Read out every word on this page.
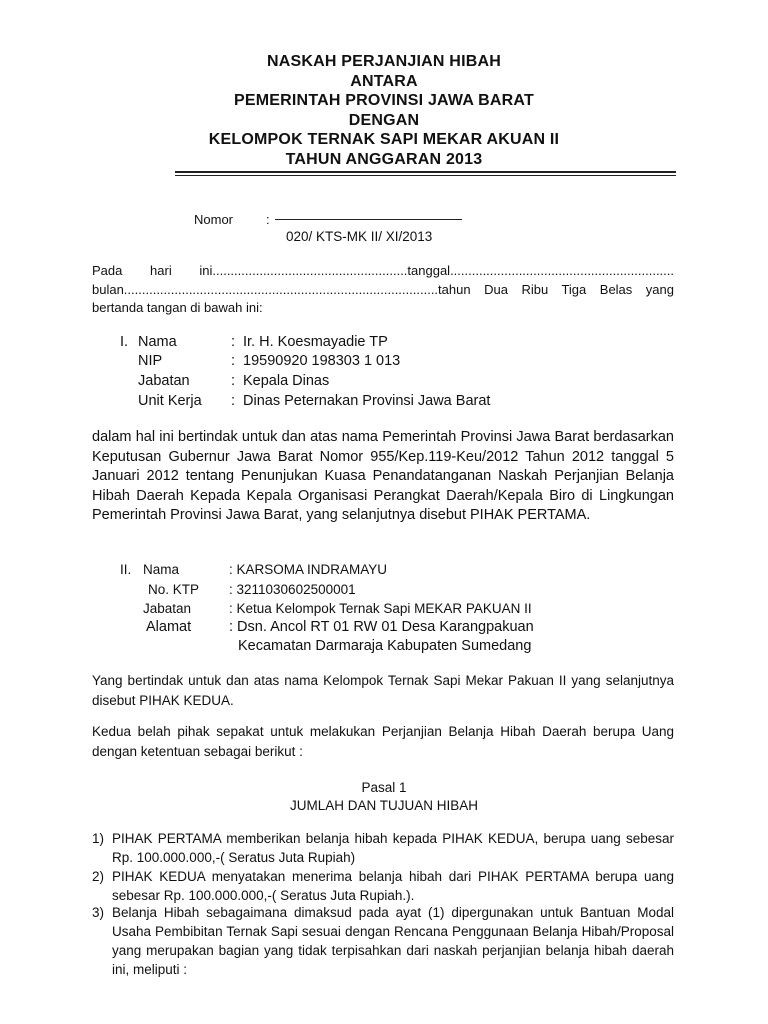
NASKAH PERJANJIAN HIBAH
ANTARA
PEMERINTAH PROVINSI JAWA BARAT
DENGAN
KELOMPOK TERNAK SAPI MEKAR AKUAN II
TAHUN ANGGARAN 2013
Nomor	:
020/ KTS-MK II/ XI/2013
Pada hari ini......................................................tanggal..............................................................
bulan.......................................................................................tahun Dua Ribu Tiga Belas yang
bertanda tangan di bawah ini:
I. Nama	: Ir. H. Koesmayadie TP
NIP	: 19590920 198303 1 013
Jabatan	: Kepala Dinas
Unit Kerja : Dinas Peternakan Provinsi Jawa Barat
dalam hal ini bertindak untuk dan atas nama Pemerintah Provinsi Jawa Barat berdasarkan Keputusan Gubernur Jawa Barat Nomor 955/Kep.119-Keu/2012 Tahun 2012 tanggal 5 Januari 2012 tentang Penunjukan Kuasa Penandatanganan Naskah Perjanjian Belanja Hibah Daerah Kepada Kepala Organisasi Perangkat Daerah/Kepala Biro di Lingkungan Pemerintah Provinsi Jawa Barat, yang selanjutnya disebut PIHAK PERTAMA.
II. Nama	: KARSOMA INDRAMAYU
No. KTP : 3211030602500001
Jabatan	: Ketua Kelompok Ternak Sapi MEKAR PAKUAN II
Alamat	: Dsn. Ancol RT 01 RW 01 Desa Karangpakuan
Kecamatan Darmaraja Kabupaten Sumedang
Yang bertindak untuk dan atas nama Kelompok Ternak Sapi Mekar Pakuan II yang selanjutnya disebut PIHAK KEDUA.
Kedua belah pihak sepakat untuk melakukan Perjanjian Belanja Hibah Daerah berupa Uang dengan ketentuan sebagai berikut :
Pasal 1
JUMLAH DAN TUJUAN HIBAH
1) PIHAK PERTAMA memberikan belanja hibah kepada PIHAK KEDUA, berupa uang sebesar Rp. 100.000.000,-( Seratus Juta Rupiah)
2) PIHAK KEDUA menyatakan menerima belanja hibah dari PIHAK PERTAMA berupa uang sebesar Rp. 100.000.000,-( Seratus Juta Rupiah.).
3) Belanja Hibah sebagaimana dimaksud pada ayat (1) dipergunakan untuk Bantuan Modal Usaha Pembibitan Ternak Sapi sesuai dengan Rencana Penggunaan Belanja Hibah/Proposal yang merupakan bagian yang tidak terpisahkan dari naskah perjanjian belanja hibah daerah ini, meliputi :
